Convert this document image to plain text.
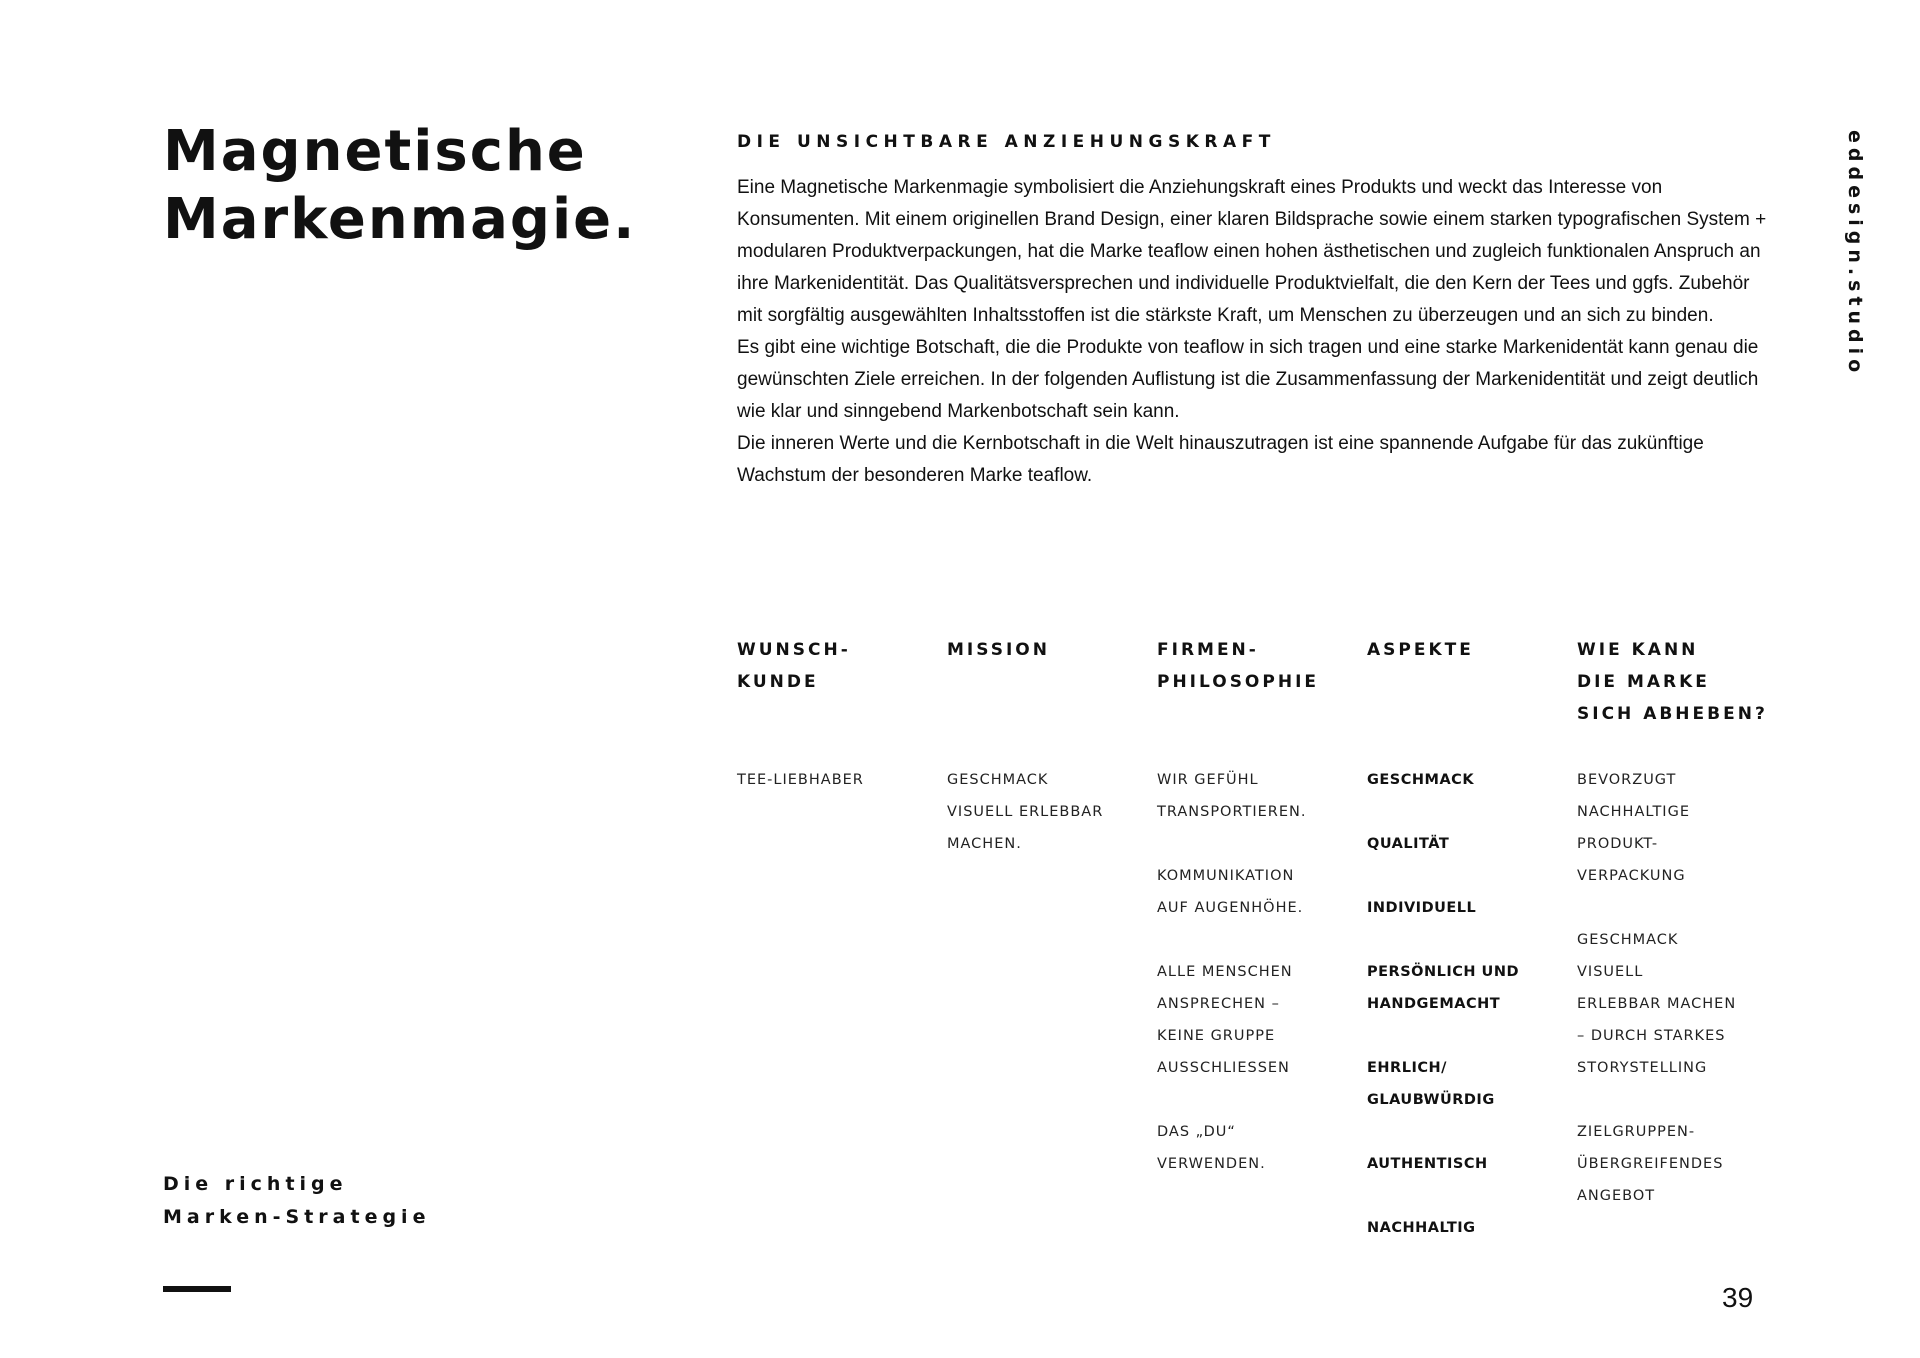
Magnetische
Markenmagie.
DIE UNSICHTBARE ANZIEHUNGSKRAFT

Eine Magnetische Markenmagie symbolisiert die Anziehungskraft eines Produkts und weckt das Interesse von Konsumenten. Mit einem originellen Brand Design, einer klaren Bildsprache sowie einem starken typografischen System + modularen Produktverpackungen, hat die Marke teaflow einen hohen ästhetischen und zugleich funktionalen Anspruch an ihre Markenidentität. Das Qualitätsversprechen und individuelle Produktvielfalt, die den Kern der Tees und ggfs. Zubehör mit sorgfältig ausgewählten Inhaltsstoffen ist die stärkste Kraft, um Menschen zu überzeugen und an sich zu binden.

Es gibt eine wichtige Botschaft, die die Produkte von teaflow in sich tragen und eine starke Markenidentät kann genau die gewünschten Ziele erreichen. In der folgenden Auflistung ist die Zusammenfassung der Markenidentität und zeigt deutlich wie klar und sinngebend Markenbotschaft sein kann.

Die inneren Werte und die Kernbotschaft in die Welt hinauszutragen ist eine spannende Aufgabe für das zukünftige Wachstum der besonderen Marke teaflow.

eddesign.studio
WUNSCH-
KUNDE
TEE-LIEBHABER
MISSION
GESCHMACK
VISUELL ERLEBBAR
MACHEN.
FIRMEN-
PHILOSOPHIE
WIR GEFÜHL
TRANSPORTIEREN.
KOMMUNIKATION
AUF AUGENHÖHE.
ALLE MENSCHEN
ANSPRECHEN –
KEINE GRUPPE
AUSSCHLIESSEN
DAS „DU“
VERWENDEN.
ASPEKTE
GESCHMACK
QUALITÄT
INDIVIDUELL
PERSÖNLICH UND
HANDGEMACHT
EHRLICH/
GLAUBWÜRDIG
AUTHENTISCH
NACHHALTIG
WIE KANN
DIE MARKE
SICH ABHEBEN?
BEVORZUGT
NACHHALTIGE
PRODUKT-
VERPACKUNG
GESCHMACK
VISUELL
ERLEBBAR MACHEN
– DURCH STARKES
STORYSTELLING
ZIELGRUPPEN-
ÜBERGREIFENDES
ANGEBOT
Die richtige
Marken-Strategie
39
